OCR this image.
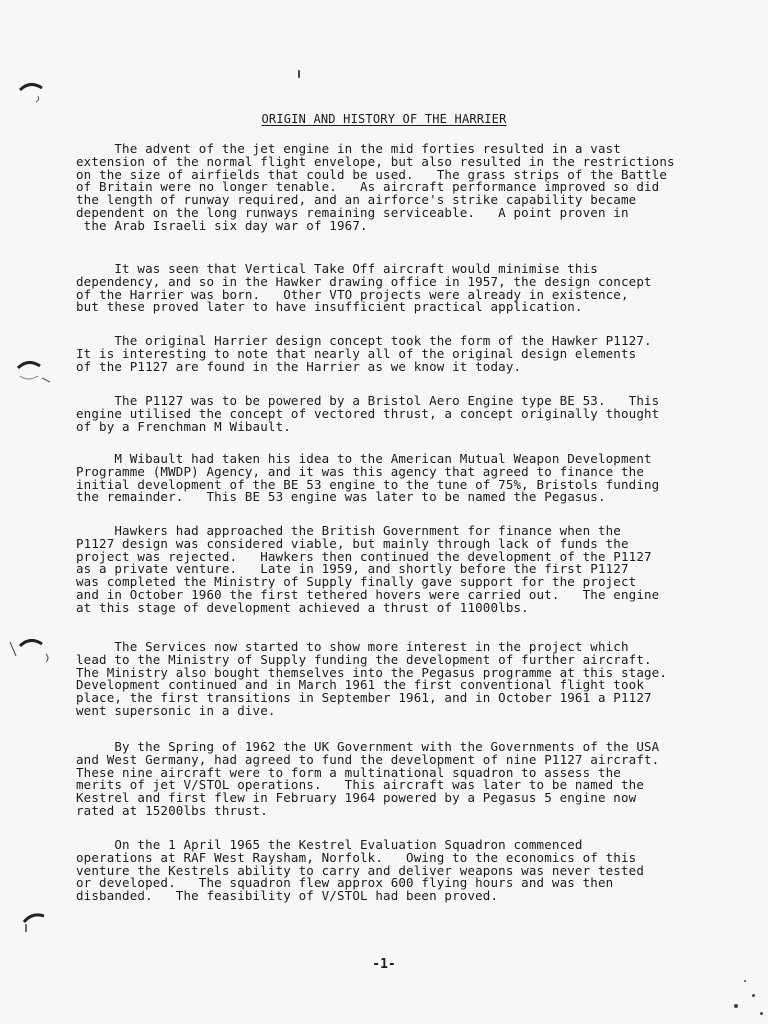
ORIGIN AND HISTORY OF THE HARRIER
The advent of the jet engine in the mid forties resulted in a vast
extension of the normal flight envelope, but also resulted in the restrictions
on the size of airfields that could be used.   The grass strips of the Battle
of Britain were no longer tenable.   As aircraft performance improved so did
the length of runway required, and an airforce's strike capability became
dependent on the long runways remaining serviceable.   A point proven in
the Arab Israeli six day war of 1967.
It was seen that Vertical Take Off aircraft would minimise this
dependency, and so in the Hawker drawing office in 1957, the design concept
of the Harrier was born.   Other VTO projects were already in existence,
but these proved later to have insufficient practical application.
The original Harrier design concept took the form of the Hawker P1127.
It is interesting to note that nearly all of the original design elements
of the P1127 are found in the Harrier as we know it today.
The P1127 was to be powered by a Bristol Aero Engine type BE 53.   This
engine utilised the concept of vectored thrust, a concept originally thought
of by a Frenchman M Wibault.
M Wibault had taken his idea to the American Mutual Weapon Development
Programme (MWDP) Agency, and it was this agency that agreed to finance the
initial development of the BE 53 engine to the tune of 75%, Bristols funding
the remainder.   This BE 53 engine was later to be named the Pegasus.
Hawkers had approached the British Government for finance when the
P1127 design was considered viable, but mainly through lack of funds the
project was rejected.   Hawkers then continued the development of the P1127
as a private venture.   Late in 1959, and shortly before the first P1127
was completed the Ministry of Supply finally gave support for the project
and in October 1960 the first tethered hovers were carried out.   The engine
at this stage of development achieved a thrust of 11000lbs.
The Services now started to show more interest in the project which
lead to the Ministry of Supply funding the development of further aircraft.
The Ministry also bought themselves into the Pegasus programme at this stage.
Development continued and in March 1961 the first conventional flight took
place, the first transitions in September 1961, and in October 1961 a P1127
went supersonic in a dive.
By the Spring of 1962 the UK Government with the Governments of the USA
and West Germany, had agreed to fund the development of nine P1127 aircraft.
These nine aircraft were to form a multinational squadron to assess the
merits of jet V/STOL operations.   This aircraft was later to be named the
Kestrel and first flew in February 1964 powered by a Pegasus 5 engine now
rated at 15200lbs thrust.
On the 1 April 1965 the Kestrel Evaluation Squadron commenced
operations at RAF West Raysham, Norfolk.   Owing to the economics of this
venture the Kestrels ability to carry and deliver weapons was never tested
or developed.   The squadron flew approx 600 flying hours and was then
disbanded.   The feasibility of V/STOL had been proved.
-1-
